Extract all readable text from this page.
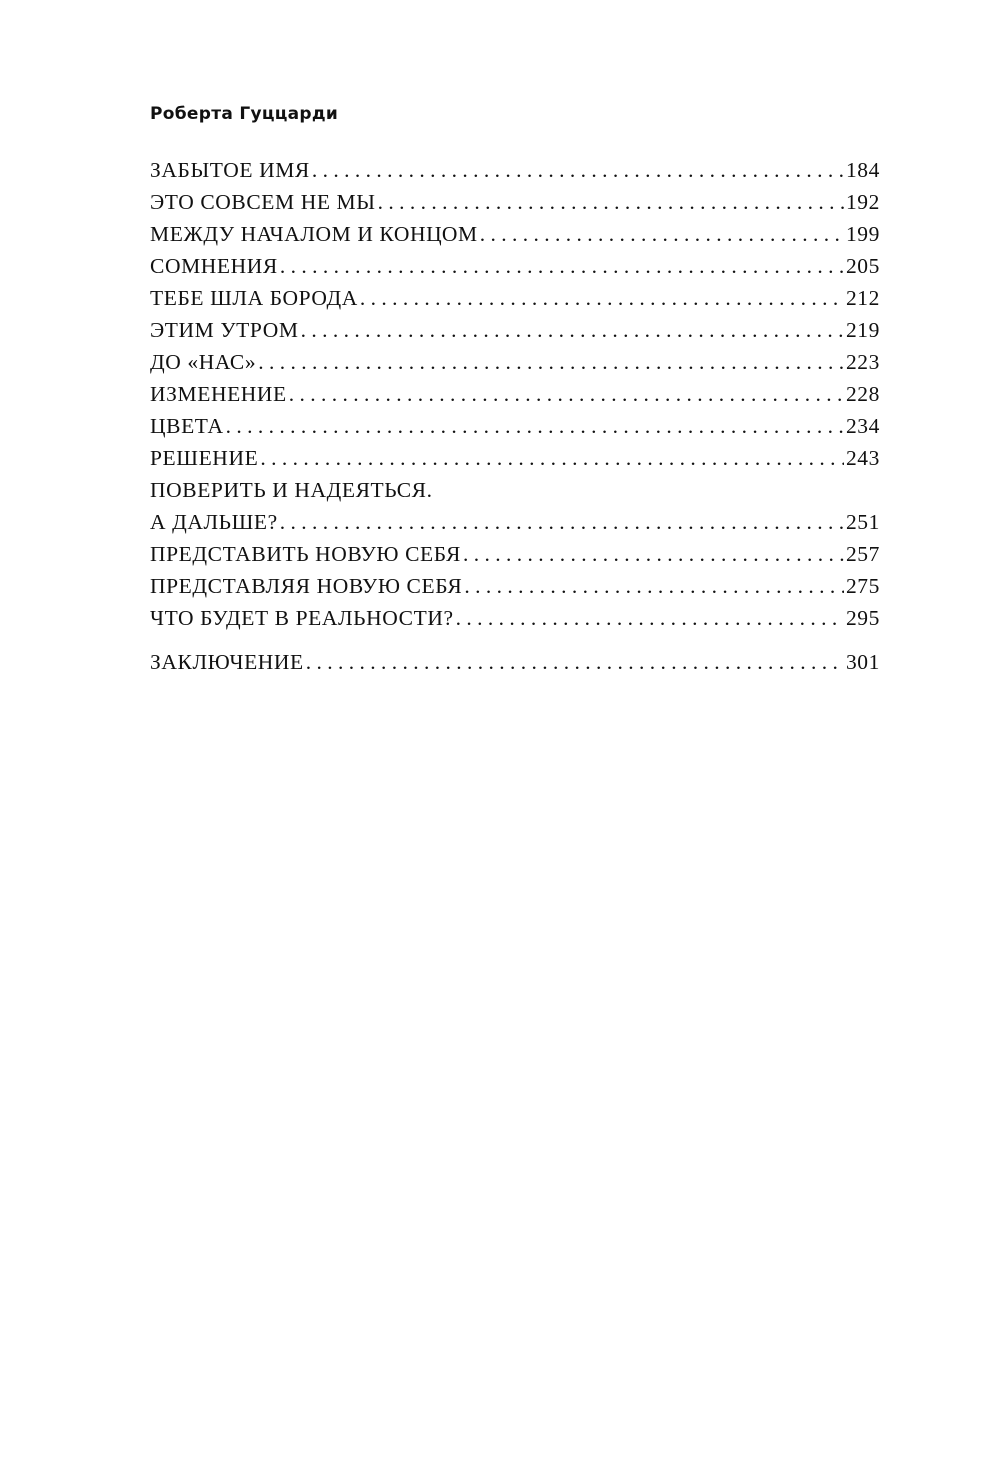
Роберта Гуццарди
ЗАБЫТОЕ ИМЯ . . .	184
ЭТО СОВСЕМ НЕ МЫ . . .	192
МЕЖДУ НАЧАЛОМ И КОНЦОМ . . .	199
СОМНЕНИЯ . . .	205
ТЕБЕ ШЛА БОРОДА . . .	212
ЭТИМ УТРОМ . . .	219
ДО «НАС» . . .	223
ИЗМЕНЕНИЕ . . .	228
ЦВЕТА . . .	234
РЕШЕНИЕ . . .	243
ПОВЕРИТЬ И НАДЕЯТЬСЯ.
А ДАЛЬШЕ? . . .	251
ПРЕДСТАВИТЬ НОВУЮ СЕБЯ . . .	257
ПРЕДСТАВЛЯЯ НОВУЮ СЕБЯ . . .	275
ЧТО БУДЕТ В РЕАЛЬНОСТИ? . . .	295
ЗАКЛЮЧЕНИЕ . . .	301
